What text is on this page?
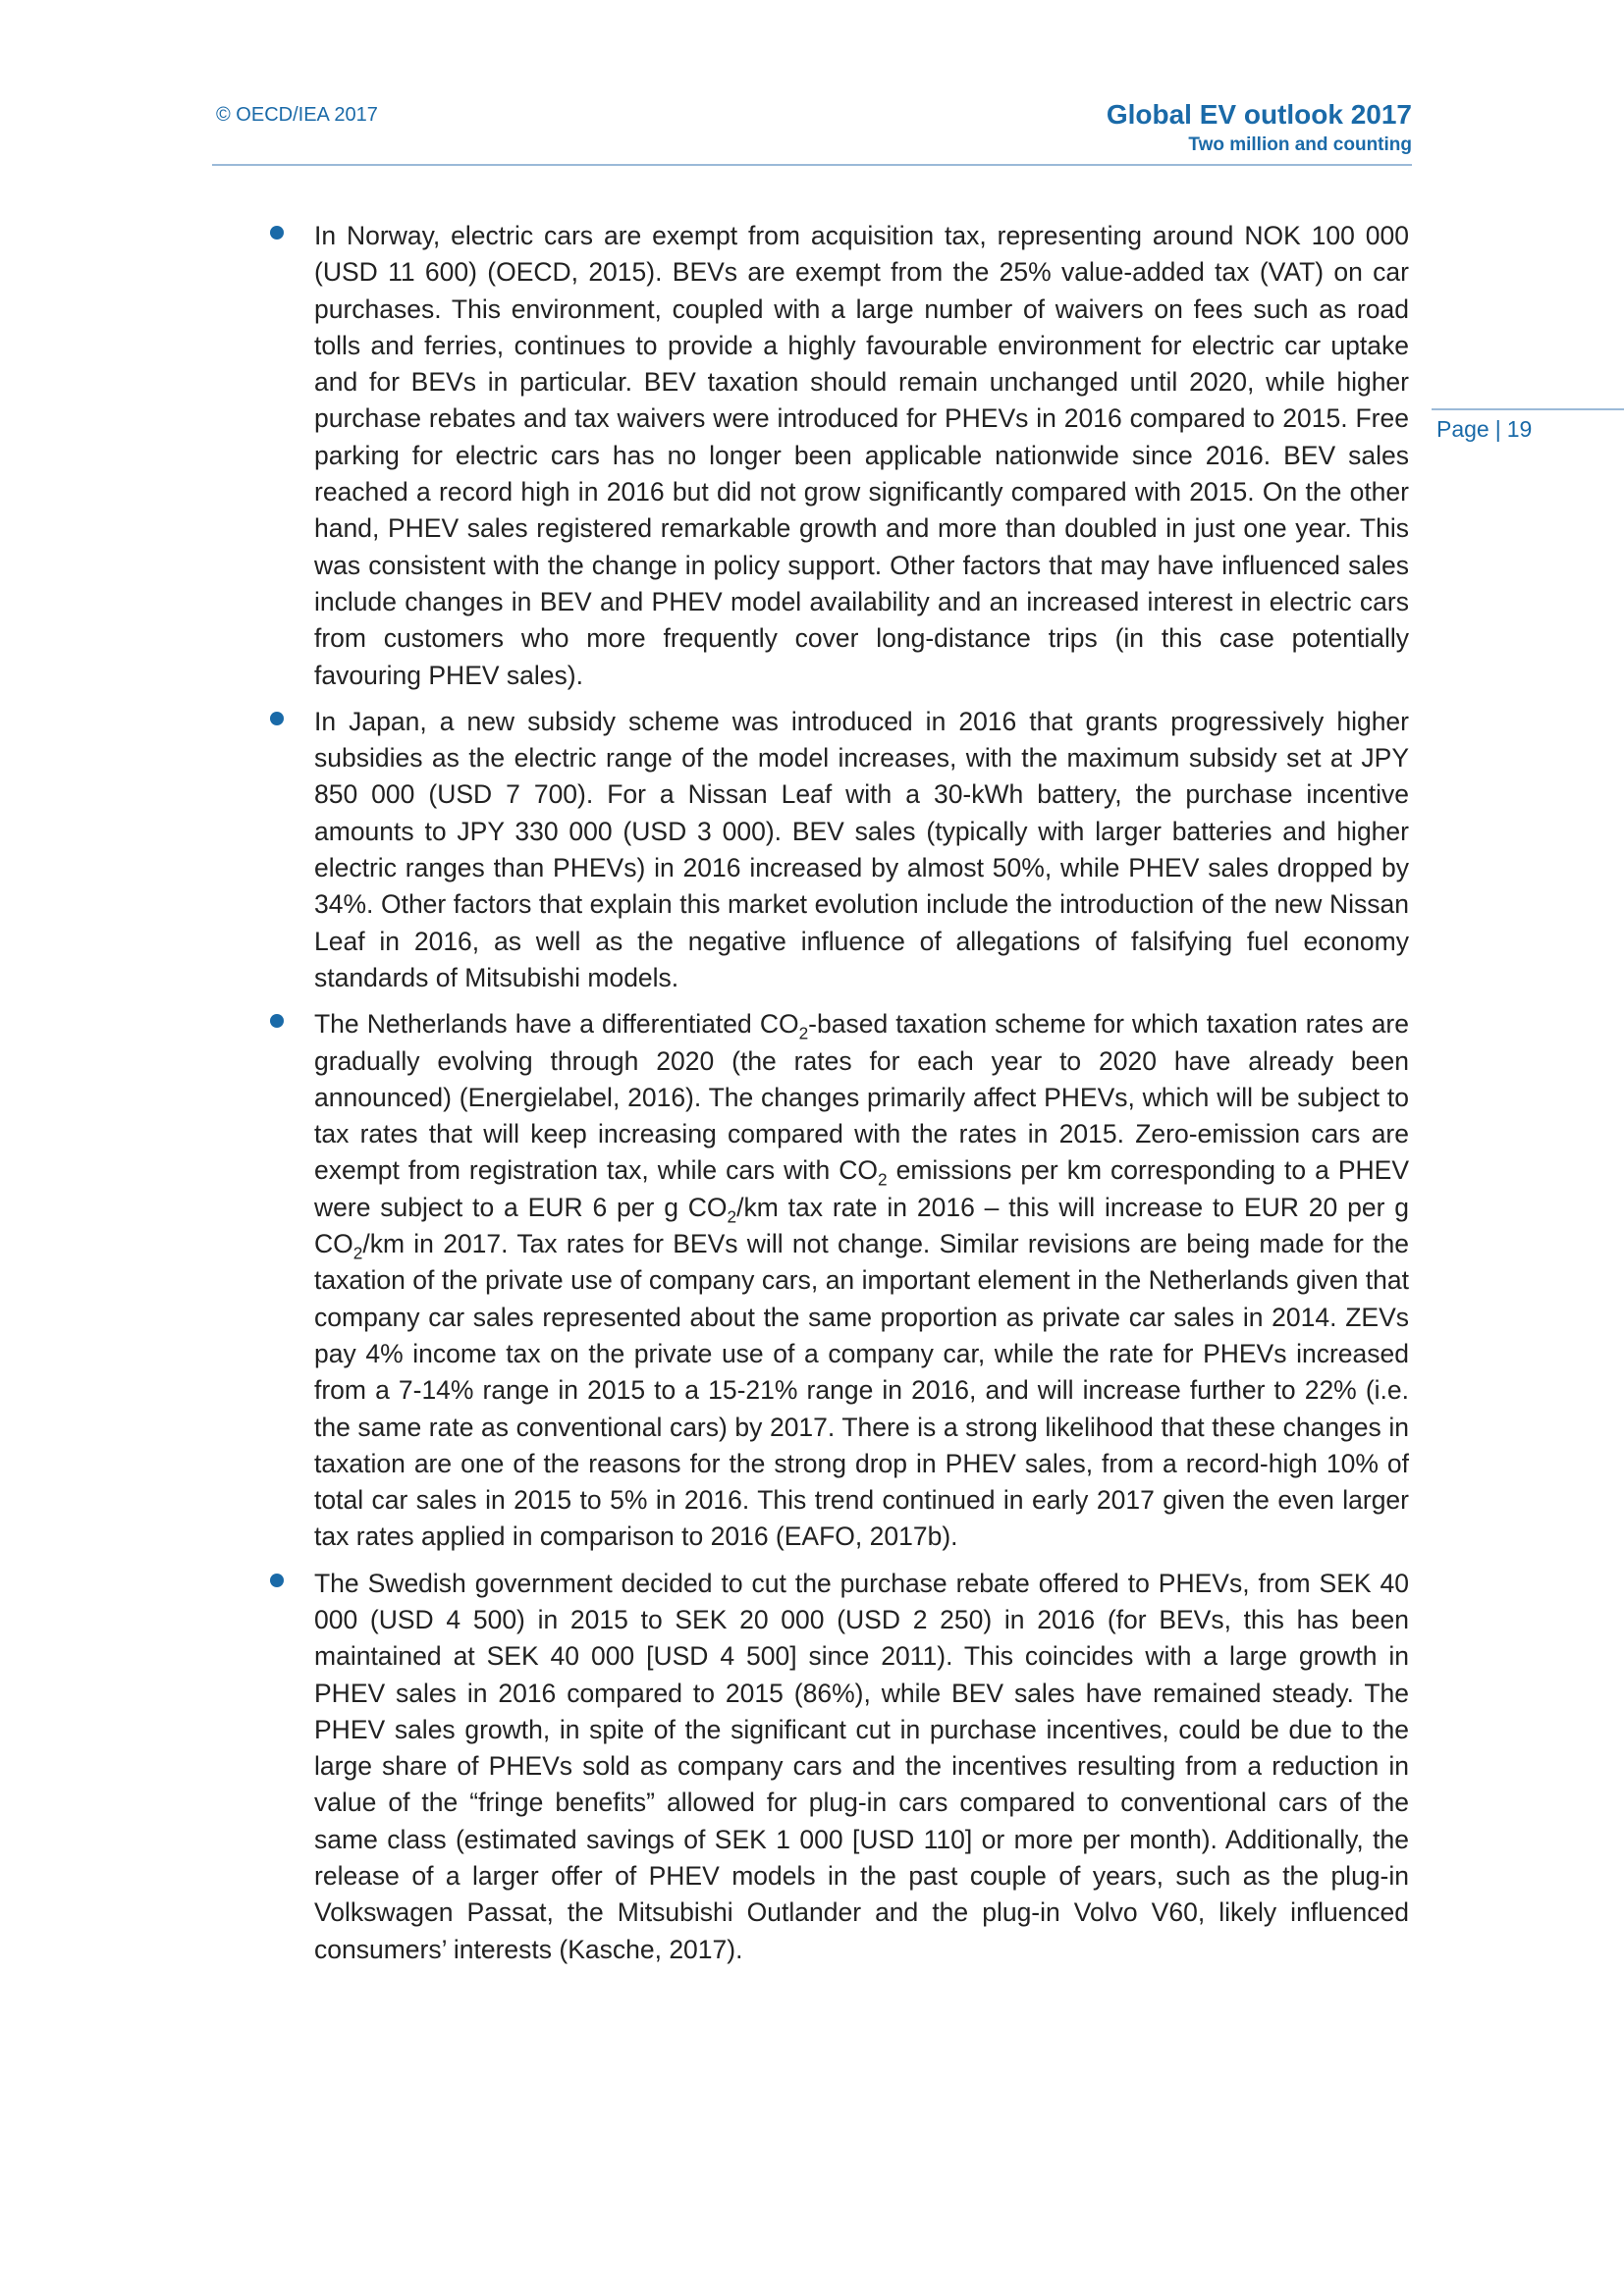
© OECD/IEA 2017	Global EV outlook 2017
Two million and counting
Page | 19

In Norway, electric cars are exempt from acquisition tax, representing around NOK 100 000 (USD 11 600) (OECD, 2015). BEVs are exempt from the 25% value-added tax (VAT) on car purchases. This environment, coupled with a large number of waivers on fees such as road tolls and ferries, continues to provide a highly favourable environment for electric car uptake and for BEVs in particular. BEV taxation should remain unchanged until 2020, while higher purchase rebates and tax waivers were introduced for PHEVs in 2016 compared to 2015. Free parking for electric cars has no longer been applicable nationwide since 2016. BEV sales reached a record high in 2016 but did not grow significantly compared with 2015. On the other hand, PHEV sales registered remarkable growth and more than doubled in just one year. This was consistent with the change in policy support. Other factors that may have influenced sales include changes in BEV and PHEV model availability and an increased interest in electric cars from customers who more frequently cover long-distance trips (in this case potentially favouring PHEV sales).

In Japan, a new subsidy scheme was introduced in 2016 that grants progressively higher subsidies as the electric range of the model increases, with the maximum subsidy set at JPY 850 000 (USD 7 700). For a Nissan Leaf with a 30-kWh battery, the purchase incentive amounts to JPY 330 000 (USD 3 000). BEV sales (typically with larger batteries and higher electric ranges than PHEVs) in 2016 increased by almost 50%, while PHEV sales dropped by 34%. Other factors that explain this market evolution include the introduction of the new Nissan Leaf in 2016, as well as the negative influence of allegations of falsifying fuel economy standards of Mitsubishi models.

The Netherlands have a differentiated $CO_2$-based taxation scheme for which taxation rates are gradually evolving through 2020 (the rates for each year to 2020 have already been announced) (Energielabel, 2016). The changes primarily affect PHEVs, which will be subject to tax rates that will keep increasing compared with the rates in 2015. Zero-emission cars are exempt from registration tax, while cars with $CO_2$ emissions per km corresponding to a PHEV were subject to a EUR 6 per g $CO_2/km$ tax rate in 2016 – this will increase to EUR 20 per g $CO_2/km$ in 2017. Tax rates for BEVs will not change. Similar revisions are being made for the taxation of the private use of company cars, an important element in the Netherlands given that company car sales represented about the same proportion as private car sales in 2014. ZEVs pay 4% income tax on the private use of a company car, while the rate for PHEVs increased from a 7-14% range in 2015 to a 15-21% range in 2016, and will increase further to 22% (i.e. the same rate as conventional cars) by 2017. There is a strong likelihood that these changes in taxation are one of the reasons for the strong drop in PHEV sales, from a record-high 10% of total car sales in 2015 to 5% in 2016. This trend continued in early 2017 given the even larger tax rates applied in comparison to 2016 (EAFO, 2017b).

The Swedish government decided to cut the purchase rebate offered to PHEVs, from SEK 40 000 (USD 4 500) in 2015 to SEK 20 000 (USD 2 250) in 2016 (for BEVs, this has been maintained at SEK 40 000 [USD 4 500] since 2011). This coincides with a large growth in PHEV sales in 2016 compared to 2015 (86%), while BEV sales have remained steady. The PHEV sales growth, in spite of the significant cut in purchase incentives, could be due to the large share of PHEVs sold as company cars and the incentives resulting from a reduction in value of the “fringe benefits” allowed for plug-in cars compared to conventional cars of the same class (estimated savings of SEK 1 000 [USD 110] or more per month). Additionally, the release of a larger offer of PHEV models in the past couple of years, such as the plug-in Volkswagen Passat, the Mitsubishi Outlander and the plug-in Volvo V60, likely influenced consumers’ interests (Kasche, 2017).
